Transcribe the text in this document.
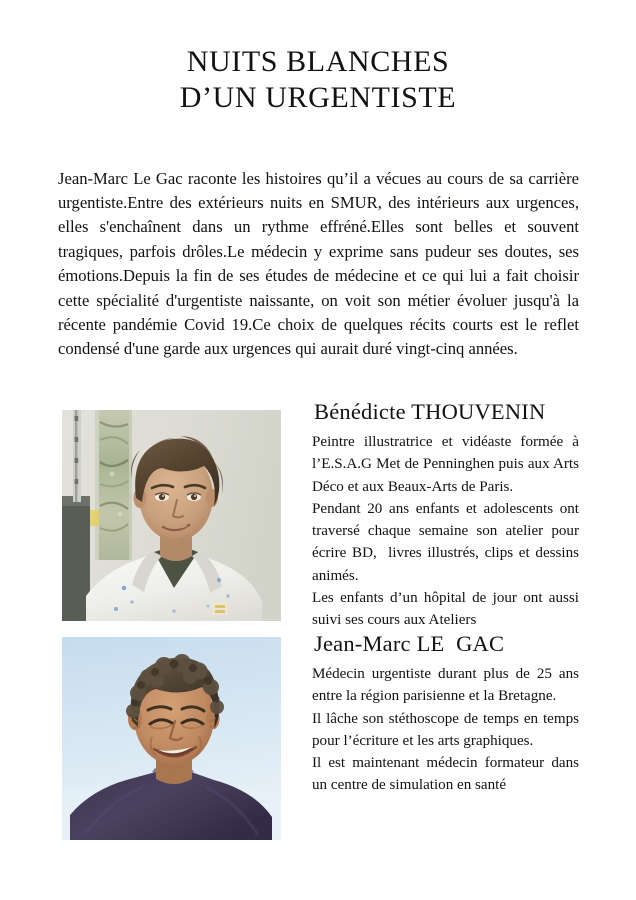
NUITS BLANCHES
D’UN URGENTISTE

Jean-Marc Le Gac raconte les histoires qu’il a vécues au cours de sa carrière urgentiste.Entre des extérieurs nuits en SMUR, des intérieurs aux urgences, elles s'enchaînent dans un rythme effréné.Elles sont belles et souvent tragiques, parfois drôles.Le médecin y exprime sans pudeur ses doutes, ses émotions.Depuis la fin de ses études de médecine et ce qui lui a fait choisir cette spécialité d'urgentiste naissante, on voit son métier évoluer jusqu'à la récente pandémie Covid 19.Ce choix de quelques récits courts est le reflet condensé d'une garde aux urgences qui aurait duré vingt-cinq années.

Bénédicte THOUVENIN

Peintre illustratrice et vidéaste formée à l’E.S.A.G Met de Penninghen puis aux Arts Déco et aux Beaux-Arts de Paris.

Pendant 20 ans enfants et adolescents ont traversé chaque semaine son atelier pour écrire BD,  livres illustrés, clips et dessins animés.

Les enfants d’un hôpital de jour ont aussi suivi ses cours aux Ateliers

Jean-Marc LE  GAC

Médecin urgentiste durant plus de 25 ans entre la région parisienne et la Bretagne.

Il lâche son stéthoscope de temps en temps pour l’écriture et les arts graphiques.

Il est maintenant médecin formateur dans un centre de simulation en santé
